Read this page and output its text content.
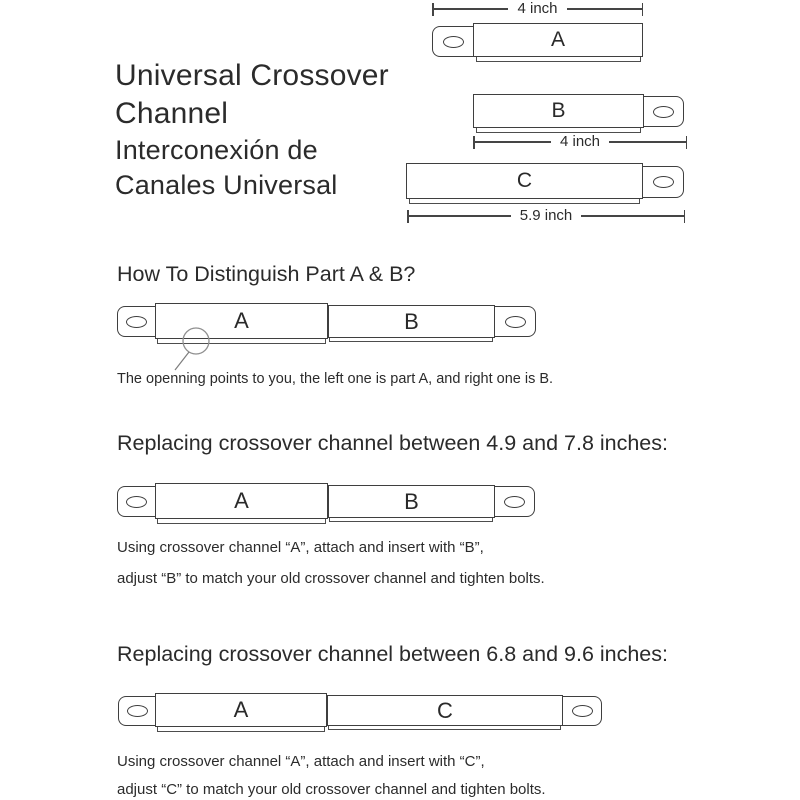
Universal Crossover
Channel
Interconexión de
Canales Universal
4 inch
A
B
4 inch
C
5.9 inch
How To Distinguish Part A & B?
A	B
The openning points to you, the left one is part A, and right one is B.
Replacing crossover channel between 4.9 and 7.8 inches:
A	B
Using crossover channel “A”, attach and insert with “B”,
adjust “B” to match your old crossover channel and tighten bolts.
Replacing crossover channel between 6.8 and 9.6 inches:
A	C
Using crossover channel “A”, attach and insert with “C”,
adjust “C” to match your old crossover channel and tighten bolts.
